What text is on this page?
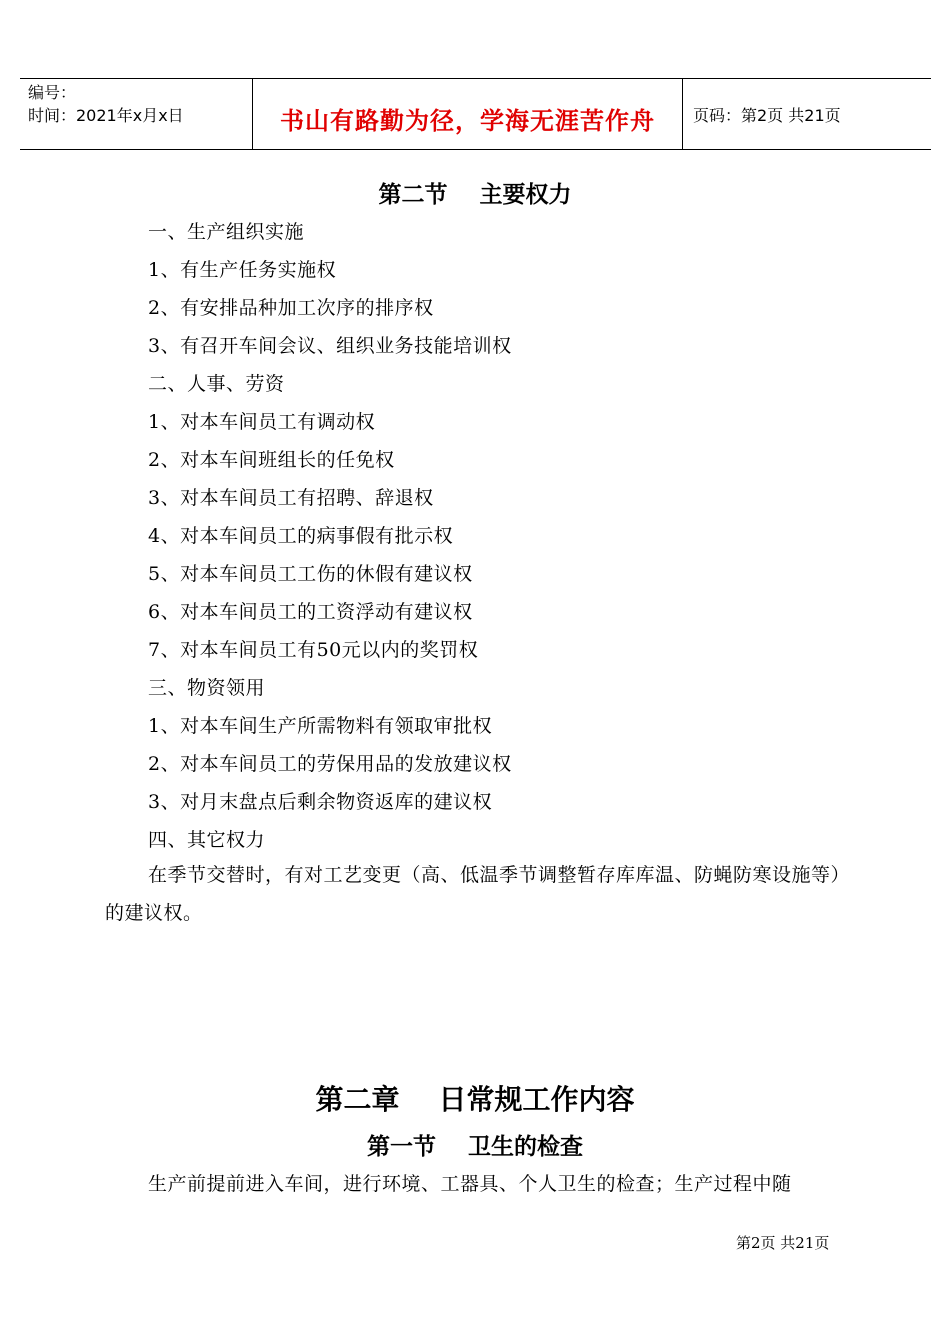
编号：
时间：2021年x月x日	书山有路勤为径，学海无涯苦作舟	页码：第2页 共21页
第二节    主要权力
一、生产组织实施
1、有生产任务实施权
2、有安排品种加工次序的排序权
3、有召开车间会议、组织业务技能培训权
二、人事、劳资
1、对本车间员工有调动权
2、对本车间班组长的任免权
3、对本车间员工有招聘、辞退权
4、对本车间员工的病事假有批示权
5、对本车间员工工伤的休假有建议权
6、对本车间员工的工资浮动有建议权
7、对本车间员工有50元以内的奖罚权
三、物资领用
1、对本车间生产所需物料有领取审批权
2、对本车间员工的劳保用品的发放建议权
3、对月末盘点后剩余物资返库的建议权
四、其它权力
在季节交替时，有对工艺变更（高、低温季节调整暂存库库温、防蝇防寒设施等）的建议权。
第二章    日常规工作内容
第一节    卫生的检查
生产前提前进入车间，进行环境、工器具、个人卫生的检查；生产过程中随
第2页 共21页
